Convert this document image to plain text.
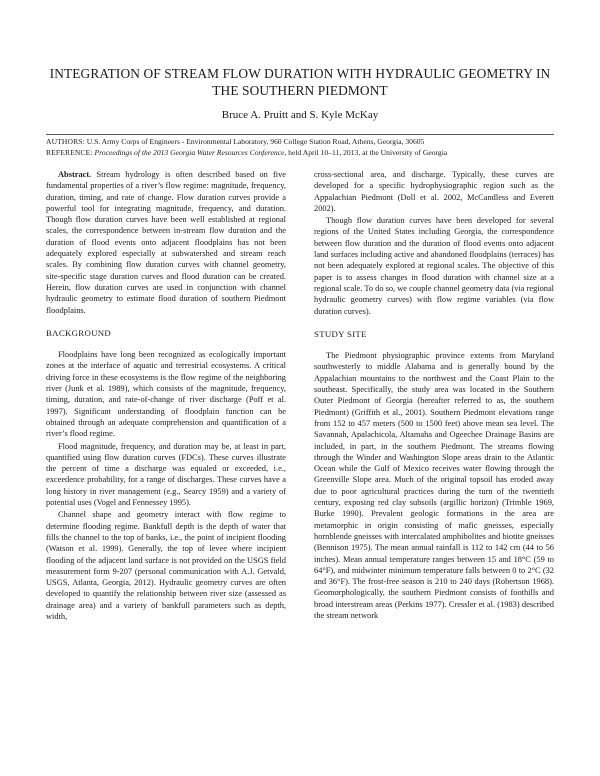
INTEGRATION OF STREAM FLOW DURATION WITH HYDRAULIC GEOMETRY IN THE SOUTHERN PIEDMONT
Bruce A. Pruitt and S. Kyle McKay
AUTHORS: U.S. Army Corps of Engineers - Environmental Laboratory, 960 College Station Road, Athens, Georgia, 30605
REFERENCE: Proceedings of the 2013 Georgia Water Resources Conference, held April 10–11, 2013, at the University of Georgia

Abstract. Stream hydrology is often described based on five fundamental properties of a river’s flow regime: magnitude, frequency, duration, timing, and rate of change. Flow duration curves provide a powerful tool for integrating magnitude, frequency, and duration. Though flow duration curves have been well established at regional scales, the correspondence between in-stream flow duration and the duration of flood events onto adjacent floodplains has not been adequately explored especially at subwatershed and stream reach scales. By combining flow duration curves with channel geometry, site-specific stage duration curves and flood duration can be created. Herein, flow duration curves are used in conjunction with channel hydraulic geometry to estimate flood duration of southern Piedmont floodplains.

BACKGROUND

Floodplains have long been recognized as ecologically important zones at the interface of aquatic and terrestrial ecosystems. A critical driving force in these ecosystems is the flow regime of the neighboring river (Junk et al. 1989), which consists of the magnitude, frequency, timing, duration, and rate-of-change of river discharge (Poff et al. 1997). Significant understanding of floodplain function can be obtained through an adequate comprehension and quantification of a river’s flood regime.

Flood magnitude, frequency, and duration may be, at least in part, quantified using flow duration curves (FDCs). These curves illustrate the percent of time a discharge was equaled or exceeded, i.e., exceedence probability, for a range of discharges. These curves have a long history in river management (e.g., Searcy 1959) and a variety of potential uses (Vogel and Fennessey 1995).

Channel shape and geometry interact with flow regime to determine flooding regime. Bankfull depth is the depth of water that fills the channel to the top of banks, i.e., the point of incipient flooding (Watson et al. 1999). Generally, the top of levee where incipient flooding of the adjacent land surface is not provided on the USGS field measurement form 9-207 (personal communication with A.J. Getvald, USGS, Atlanta, Georgia, 2012). Hydraulic geometry curves are often developed to quantify the relationship between river size (assessed as drainage area) and a variety of bankfull parameters such as depth, width,

cross-sectional area, and discharge. Typically, these curves are developed for a specific hydrophysiographic region such as the Appalachian Piedmont (Doll et al. 2002, McCandless and Everett 2002).

Though flow duration curves have been developed for several regions of the United States including Georgia, the correspondence between flow duration and the duration of flood events onto adjacent land surfaces including active and abandoned floodplains (terraces) has not been adequately explored at regional scales. The objective of this paper is to assess changes in flood duration with channel size at a regional scale. To do so, we couple channel geometry data (via regional hydraulic geometry curves) with flow regime variables (via flow duration curves).

STUDY SITE

The Piedmont physiographic province extents from Maryland southwesterly to middle Alabama and is generally bound by the Appalachian mountains to the northwest and the Coast Plain to the southeast. Specifically, the study area was located in the Southern Outer Piedmont of Georgia (hereafter referred to as, the southern Piedmont) (Griffith et al., 2001). Southern Piedmont elevations range from 152 to 457 meters (500 to 1500 feet) above mean sea level. The Savannah, Apalachicola, Altamaha and Ogeechee Drainage Basins are included, in part, in the southern Piedmont. The streams flowing through the Winder and Washington Slope areas drain to the Atlantic Ocean while the Gulf of Mexico receives water flowing through the Greenville Slope area. Much of the original topsoil has eroded away due to poor agricultural practices during the turn of the twentieth century, exposing red clay subsoils (argillic horizon) (Trimble 1969, Burke 1990). Prevalent geologic formations in the area are metamorphic in origin consisting of mafic gneisses, especially hornblende gneisses with intercalated amphibolites and biotite gneisses (Bennison 1975). The mean annual rainfall is 112 to 142 cm (44 to 56 inches). Mean annual temperature ranges between 15 and 18°C (59 to 64°F), and midwinter minimum temperature falls between 0 to 2°C (32 and 36°F). The frost-free season is 210 to 240 days (Robertson 1968). Geomorphologically, the southern Piedmont consists of foothills and broad interstream areas (Perkins 1977). Cressler et al. (1983) described the stream network
